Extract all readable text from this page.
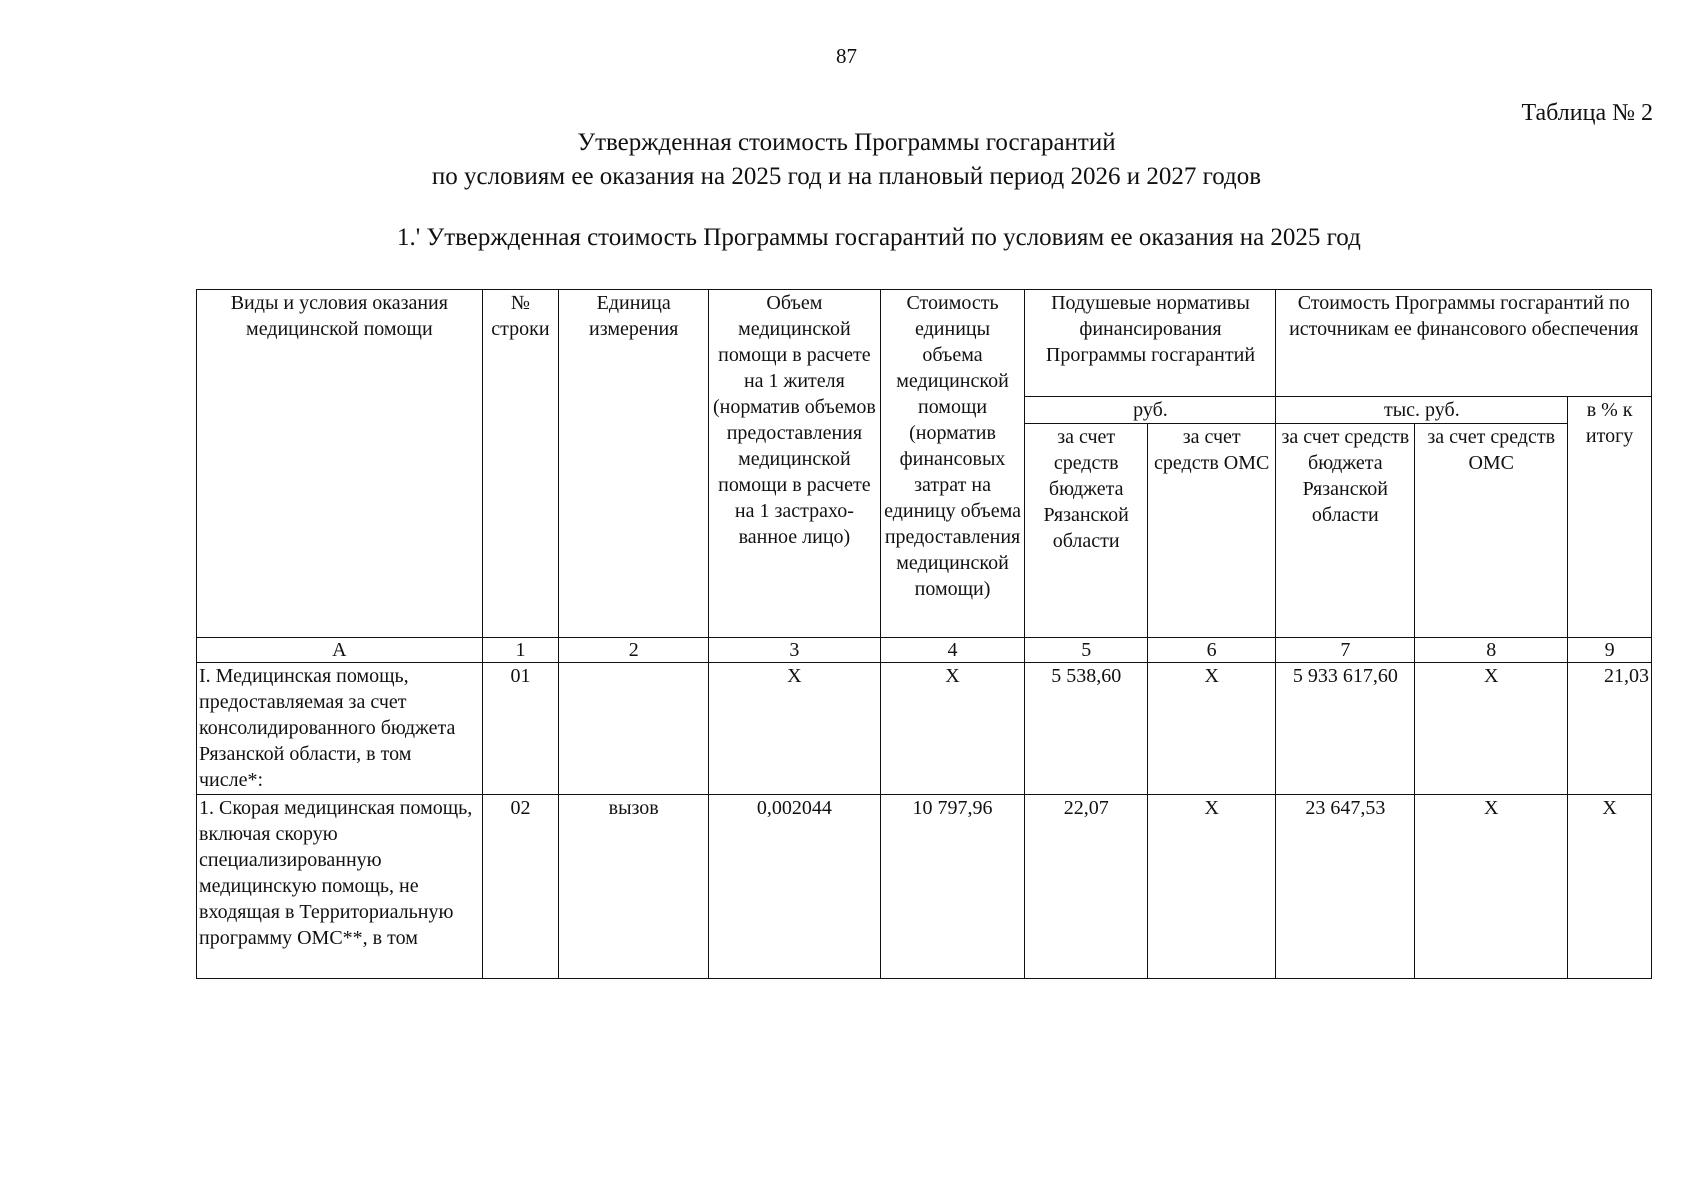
87
Таблица № 2
Утвержденная стоимость Программы госгарантий
по условиям ее оказания на 2025 год и на плановый период 2026 и 2027 годов
1.' Утвержденная стоимость Программы госгарантий по условиям ее оказания на 2025 год
Виды и условия оказания медицинской помощи	№ строки	Единица измерения	Объем медицинской помощи в расчете на 1 жителя (норматив объемов предоставления медицинской помощи в расчете на 1 застрахо-ванное лицо)	Стоимость единицы объема медицинской помощи (норматив финансовых затрат на единицу объема предоставления медицинской помощи)	Подушевые нормативы финансирования Программы госгарантий		Стоимость Программы госгарантий по источникам ее финансового обеспечения		
					руб.		тыс. руб.		в % к итогу
					за счет средств бюджета Рязанской области	за счет средств ОМС	за счет средств бюджета Рязанской области	за счет средств ОМС	
А	1	2	3	4	5	6	7	8	9
I. Медицинская помощь, предоставляемая за счет консолидированного бюджета Рязанской области, в том числе*:	01		Х	Х	5 538,60	Х	5 933 617,60	Х	21,03
1. Скорая медицинская помощь, включая скорую специализированную медицинскую помощь, не входящая в Территориальную программу ОМС**, в том	02	вызов	0,002044	10 797,96	22,07	Х	23 647,53	Х	Х
